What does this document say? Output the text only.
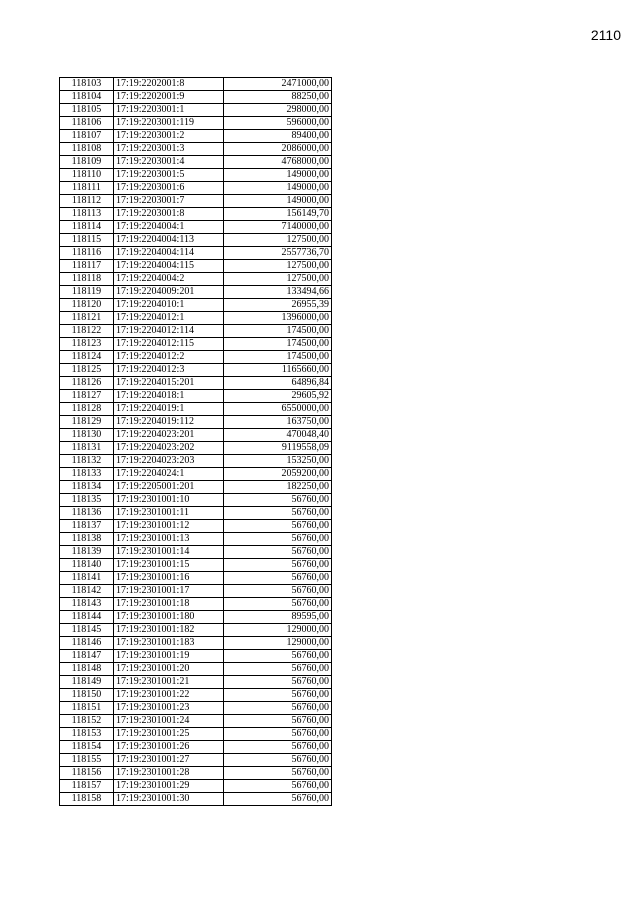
2110
118103	17:19:2202001:8	2471000,00
118104	17:19:2202001:9	88250,00
118105	17:19:2203001:1	298000,00
118106	17:19:2203001:119	596000,00
118107	17:19:2203001:2	89400,00
118108	17:19:2203001:3	2086000,00
118109	17:19:2203001:4	4768000,00
118110	17:19:2203001:5	149000,00
118111	17:19:2203001:6	149000,00
118112	17:19:2203001:7	149000,00
118113	17:19:2203001:8	156149,70
118114	17:19:2204004:1	7140000,00
118115	17:19:2204004:113	127500,00
118116	17:19:2204004:114	2557736,70
118117	17:19:2204004:115	127500,00
118118	17:19:2204004:2	127500,00
118119	17:19:2204009:201	133494,66
118120	17:19:2204010:1	26955,39
118121	17:19:2204012:1	1396000,00
118122	17:19:2204012:114	174500,00
118123	17:19:2204012:115	174500,00
118124	17:19:2204012:2	174500,00
118125	17:19:2204012:3	1165660,00
118126	17:19:2204015:201	64896,84
118127	17:19:2204018:1	29605,92
118128	17:19:2204019:1	6550000,00
118129	17:19:2204019:112	163750,00
118130	17:19:2204023:201	470048,40
118131	17:19:2204023:202	9119558,09
118132	17:19:2204023:203	153250,00
118133	17:19:2204024:1	2059200,00
118134	17:19:2205001:201	182250,00
118135	17:19:2301001:10	56760,00
118136	17:19:2301001:11	56760,00
118137	17:19:2301001:12	56760,00
118138	17:19:2301001:13	56760,00
118139	17:19:2301001:14	56760,00
118140	17:19:2301001:15	56760,00
118141	17:19:2301001:16	56760,00
118142	17:19:2301001:17	56760,00
118143	17:19:2301001:18	56760,00
118144	17:19:2301001:180	89595,00
118145	17:19:2301001:182	129000,00
118146	17:19:2301001:183	129000,00
118147	17:19:2301001:19	56760,00
118148	17:19:2301001:20	56760,00
118149	17:19:2301001:21	56760,00
118150	17:19:2301001:22	56760,00
118151	17:19:2301001:23	56760,00
118152	17:19:2301001:24	56760,00
118153	17:19:2301001:25	56760,00
118154	17:19:2301001:26	56760,00
118155	17:19:2301001:27	56760,00
118156	17:19:2301001:28	56760,00
118157	17:19:2301001:29	56760,00
118158	17:19:2301001:30	56760,00
